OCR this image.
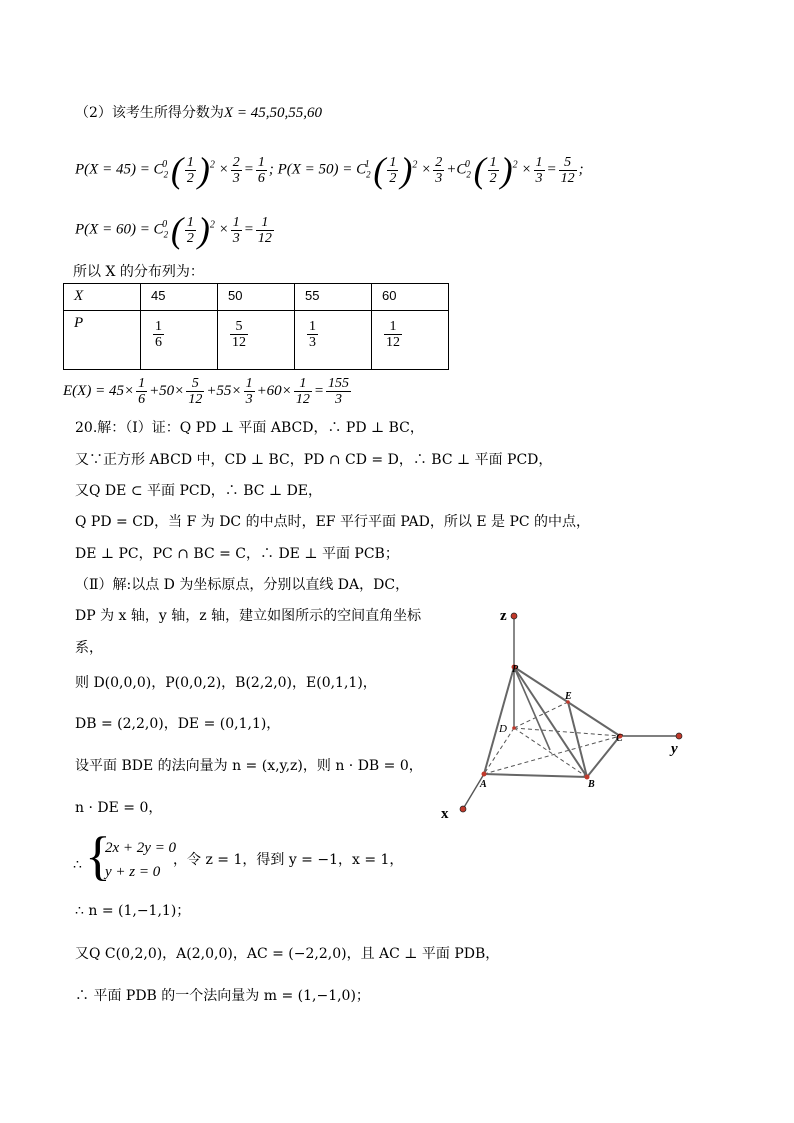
（2）该考生所得分数为X = 45,50,55,60
$P(X = 45) = C_2^0$ ( $\frac{1}{2} )^2 \times \frac{2}{3} = \frac{1}{6}$ ; $P(X = 50) = C_2^1$ ( $\frac{1}{2} )^2 \times \frac{2}{3} +C_2^0$ ( $\frac{1}{2} )^2 \times \frac{1}{3} = \frac{5}{12}$ ;
$P(X = 60) = C_2^0$ ( $\frac{1}{2} )^2 \times \frac{1}{3} = \frac{1}{12}$
所以 X 的分布列为：
X	45	50	55	60
P	$\frac{1}{6}$	$\frac{5}{12}$	$\frac{1}{3}$	$\frac{1}{12}$
$E(X) = 45\times \frac{1}{6} +50\times \frac{5}{12} +55\times \frac{1}{3} +60\times \frac{1}{12} = \frac{155}{3}$
20.解：（Ⅰ）证：Q PD ⊥ 平面 ABCD，∴ PD ⊥ BC，
又∵正方形 ABCD 中，CD ⊥ BC，PD ∩ CD = D，∴ BC ⊥ 平面 PCD，
又Q DE ⊂ 平面 PCD，∴ BC ⊥ DE，
Q PD = CD，当 F 为 DC 的中点时，EF 平行平面 PAD，所以 E 是 PC 的中点，
DE ⊥ PC，PC ∩ BC = C，∴ DE ⊥ 平面 PCB；
（Ⅱ）解:以点 D 为坐标原点，分别以直线 DA，DC，
DP 为 x 轴，y 轴，z 轴，建立如图所示的空间直角坐标
系，
则 D(0,0,0)，P(0,0,2)，B(2,2,0)，E(0,1,1)，
DB = (2,2,0)，DE = (0,1,1)，
设平面 BDE 的法向量为 n = (x,y,z)，则 n · DB = 0，
n · DE = 0，
∴ {
2x + 2y = 0
y + z = 0
，令 z = 1，得到 y = −1，x = 1，
∴ n = (1,−1,1)；
又Q C(0,2,0)，A(2,0,0)，AC = (−2,2,0)，且 AC ⊥ 平面 PDB，
∴ 平面 PDB 的一个法向量为 m = (1,−1,0)；
z
y
x
P
E
D
C
A	B
